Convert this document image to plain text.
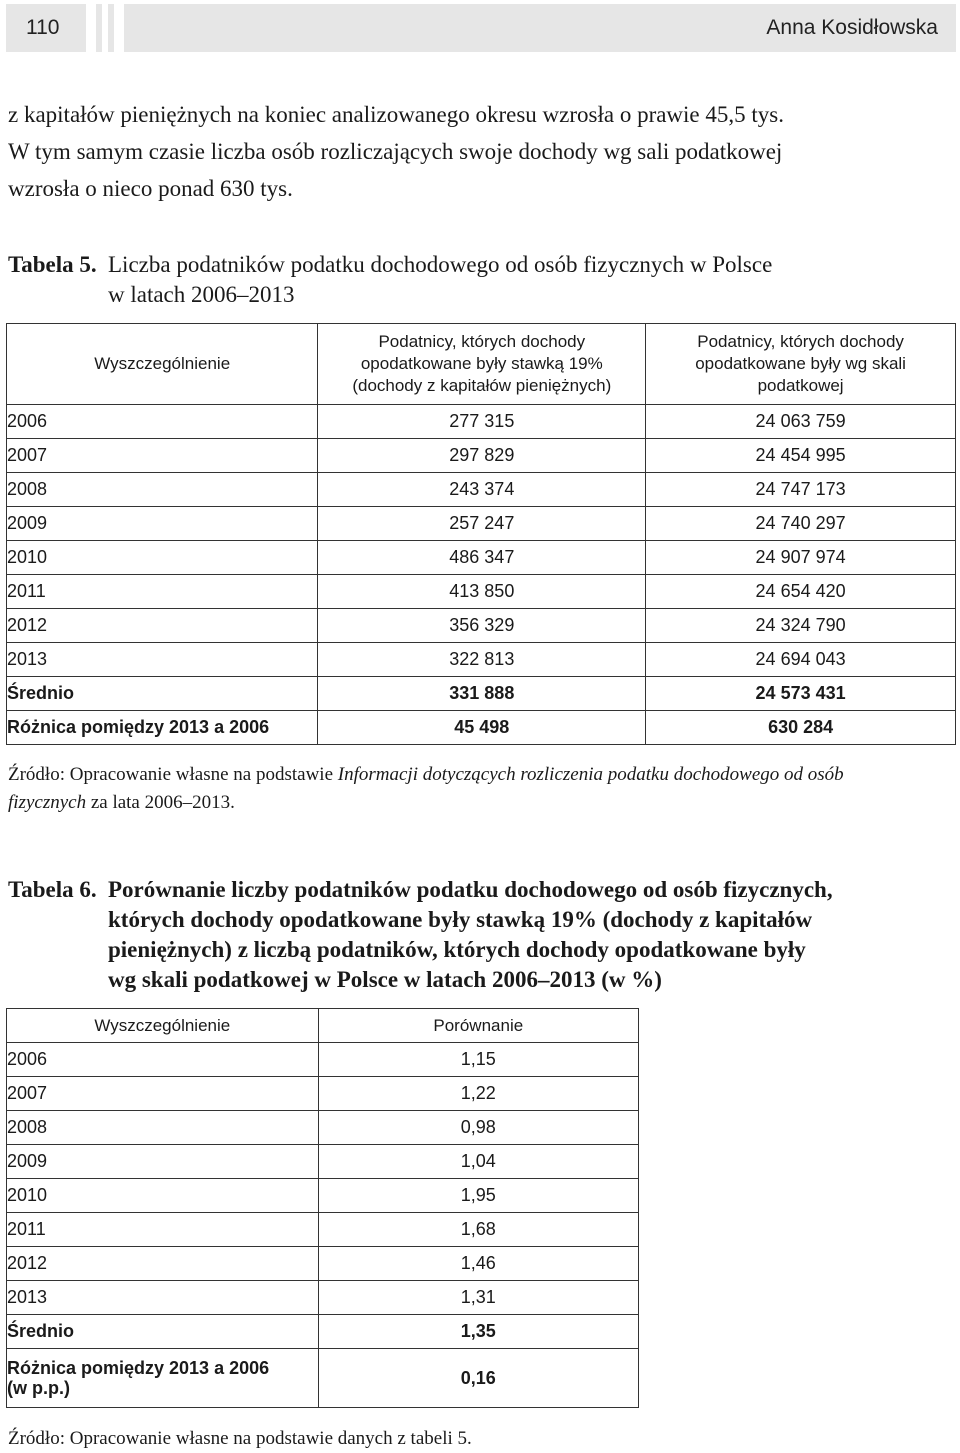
110	Anna Kosidłowska

z kapitałów pieniężnych na koniec analizowanego okresu wzrosła o prawie 45,5 tys.

W tym samym czasie liczba osób rozliczających swoje dochody wg sali podatkowej

wzrosła o nieco ponad 630 tys.

Tabela 5. Liczba podatników podatku dochodowego od osób fizycznych w Polsce
w latach 2006–2013
Wyszczególnienie	Podatnicy, których dochody opodatkowane były stawką 19% (dochody z kapitałów pieniężnych)	Podatnicy, których dochody opodatkowane były wg skali podatkowej

2006	277 315	24 063 759
2007	297 829	24 454 995
2008	243 374	24 747 173
2009	257 247	24 740 297
2010	486 347	24 907 974
2011	413 850	24 654 420
2012	356 329	24 324 790
2013	322 813	24 694 043
Średnio	331 888	24 573 431
Różnica pomiędzy 2013 a 2006	45 498	630 284
Źródło: Opracowanie własne na podstawie Informacji dotyczących rozliczenia podatku dochodowego od osób
fizycznych za lata 2006–2013.
Tabela 6. Porównanie liczby podatników podatku dochodowego od osób fizycznych,
których dochody opodatkowane były stawką 19% (dochody z kapitałów
pieniężnych) z liczbą podatników, których dochody opodatkowane były
wg skali podatkowej w Polsce w latach 2006–2013 (w %)
Wyszczególnienie	Porównanie
2006	1,15
2007	1,22
2008	0,98
2009	1,04
2010	1,95
2011	1,68
2012	1,46
2013	1,31
Średnio	1,35
Różnica pomiędzy 2013 a 2006
(w p.p.)	0,16
Źródło: Opracowanie własne na podstawie danych z tabeli 5.
